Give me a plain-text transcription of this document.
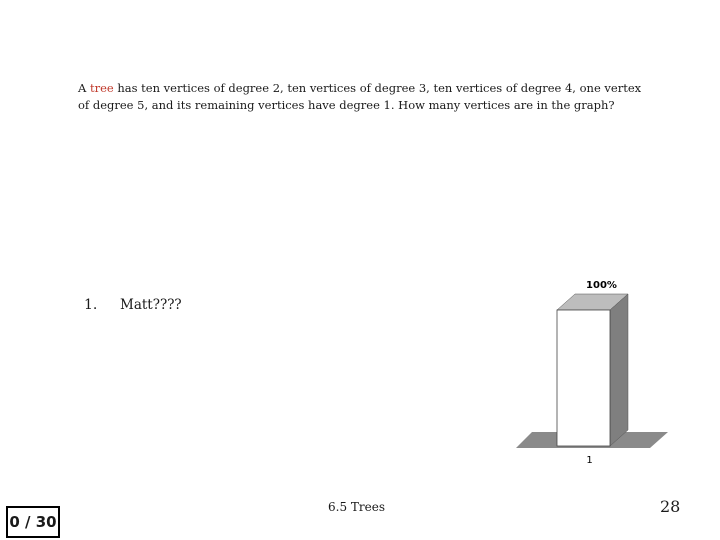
A tree has ten vertices of degree 2, ten vertices of degree 3, ten vertices of degree 4, one vertex
of degree 5, and its remaining vertices have degree 1. How many vertices are in the graph?
1. Matt????
100%
1
0 / 30
6.5 Trees	28
